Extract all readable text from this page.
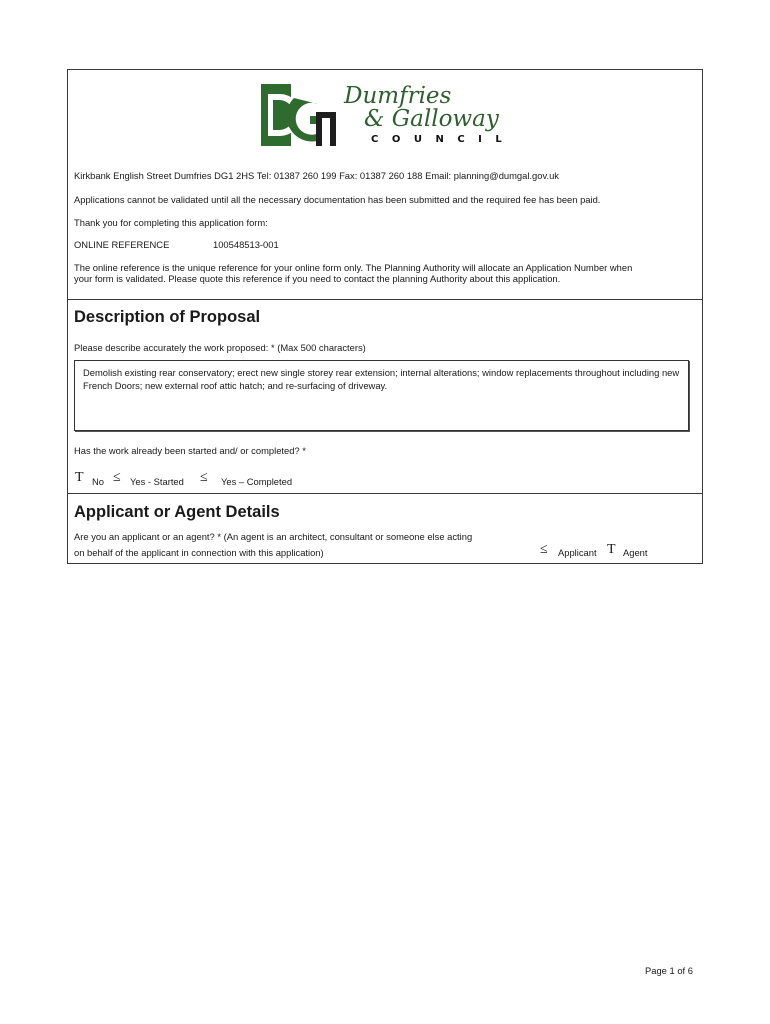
Dumfries
& Galloway
COUNCIL
Kirkbank English Street Dumfries DG1 2HS Tel: 01387 260 199 Fax: 01387 260 188 Email: planning@dumgal.gov.uk
Applications cannot be validated until all the necessary documentation has been submitted and the required fee has been paid.
Thank you for completing this application form:
ONLINE REFERENCE	100548513-001
The online reference is the unique reference for your online form only. The Planning Authority will allocate an Application Number when
your form is validated. Please quote this reference if you need to contact the planning Authority about this application.
Description of Proposal
Please describe accurately the work proposed: * (Max 500 characters)
Demolish existing rear conservatory; erect new single storey rear extension; internal alterations; window replacements throughout including new French Doors; new external roof attic hatch; and re-surfacing of driveway.
Has the work already been started and/ or completed? *
T No ≤ Yes - Started ≤ Yes – Completed
Applicant or Agent Details
Are you an applicant or an agent? * (An agent is an architect, consultant or someone else acting
on behalf of the applicant in connection with this application)	≤ Applicant T Agent
Page 1 of 6
